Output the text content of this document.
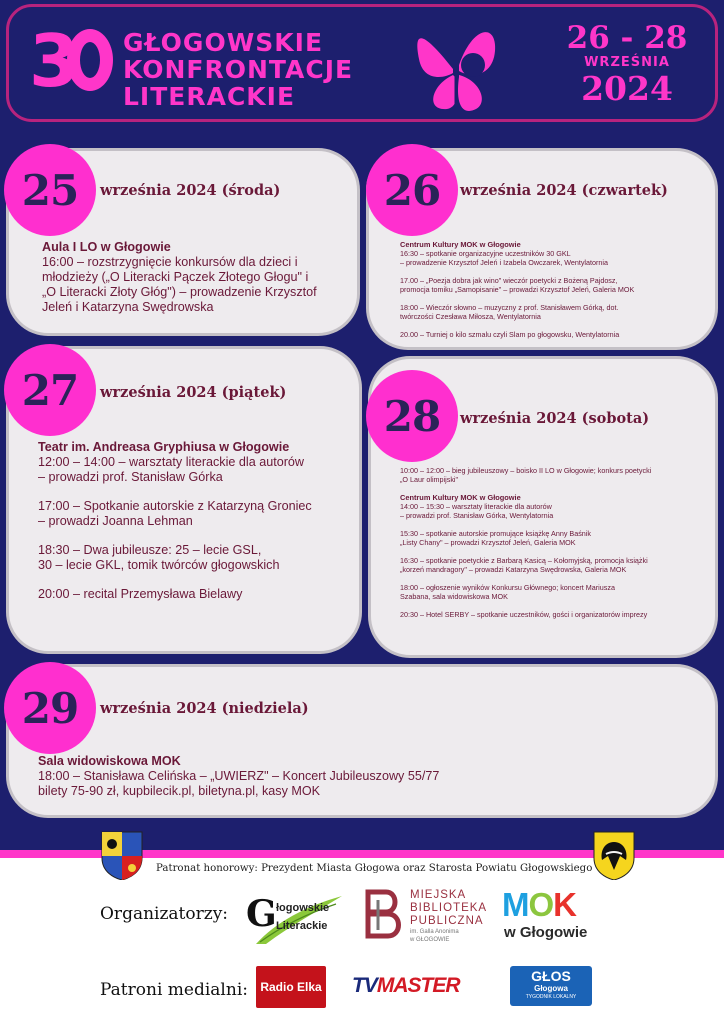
3	GŁOGOWSKIE
KONFRONTACJE
LITERACKIE
26 - 28
WRZEŚNIA
2024
25	września 2024 (środa)
Aula I LO w Głogowie

16:00 – rozstrzygnięcie konkursów dla dzieci i

młodzieży („O Literacki Pączek Złotego Głogu" i

„O Literacki Złoty Głóg") – prowadzenie Krzysztof

Jeleń i Katarzyna Swędrowska

26	września 2024 (czwartek)
Centrum Kultury MOK w Głogowie

16:30 – spotkanie organizacyjne uczestników 30 GKL

– prowadzenie Krzysztof Jeleń i Izabela Owczarek, Wentylatornia

17.00 – „Poezja dobra jak wino" wieczór poetycki z Bożeną Pajdosz,

promocja tomiku „Samopisanie" – prowadzi Krzysztof Jeleń, Galeria MOK

18:00 – Wieczór słowno – muzyczny z prof. Stanisławem Górką, dot.

twórczości Czesława Miłosza, Wentylatornia

20.00 – Turniej o kilo szmalu czyli Slam po głogowsku, Wentylatornia

27	września 2024 (piątek)
Teatr im. Andreasa Gryphiusa w Głogowie

12:00 – 14:00 – warsztaty literackie dla autorów

– prowadzi prof. Stanisław Górka

17:00 – Spotkanie autorskie z Katarzyną Groniec

– prowadzi Joanna Lehman

18:30 – Dwa jubileusze: 25 – lecie GSL,

30 – lecie GKL, tomik twórców głogowskich

20:00 – recital Przemysława Bielawy

28	września 2024 (sobota)

10:00 – 12:00 – bieg jubileuszowy – boisko II LO w Głogowie; konkurs poetycki

„O Laur olimpijski"

Centrum Kultury MOK w Głogowie

14:00 – 15:30 – warsztaty literackie dla autorów

– prowadzi prof. Stanisław Górka, Wentylatornia

15:30 – spotkanie autorskie promujące książkę Anny Baśnik

„Listy Chany" – prowadzi Krzysztof Jeleń, Galeria MOK

16:30 – spotkanie poetyckie z Barbarą Kasicą – Kołomyjską, promocja książki

„korzeń mandragory" – prowadzi Katarzyna Swędrowska, Galeria MOK

18:00 – ogłoszenie wyników Konkursu Głównego; koncert Mariusza

Szabana, sala widowiskowa MOK

20:30 – Hotel SERBY – spotkanie uczestników, gości i organizatorów imprezy

29	września 2024 (niedziela)
Sala widowiskowa MOK

18:00 – Stanisława Celińska – „UWIERZ" – Koncert Jubileuszowy 55/77

bilety 75-90 zł, kupbilecik.pl, biletyna.pl, kasy MOK

Patronat honorowy: Prezydent Miasta Głogowa oraz Starosta Powiatu Głogowskiego
Organizatorzy: G łogowskie
Literackie
MIEJSKA
BIBLIOTEKA
PUBLICZNA
im. Galla Anonima
w GŁOGOWIE
MOK
w Głogowie
Patroni medialni: Radio Elka TVMASTER	GŁOS
Głogowa
TYGODNIK LOKALNY
